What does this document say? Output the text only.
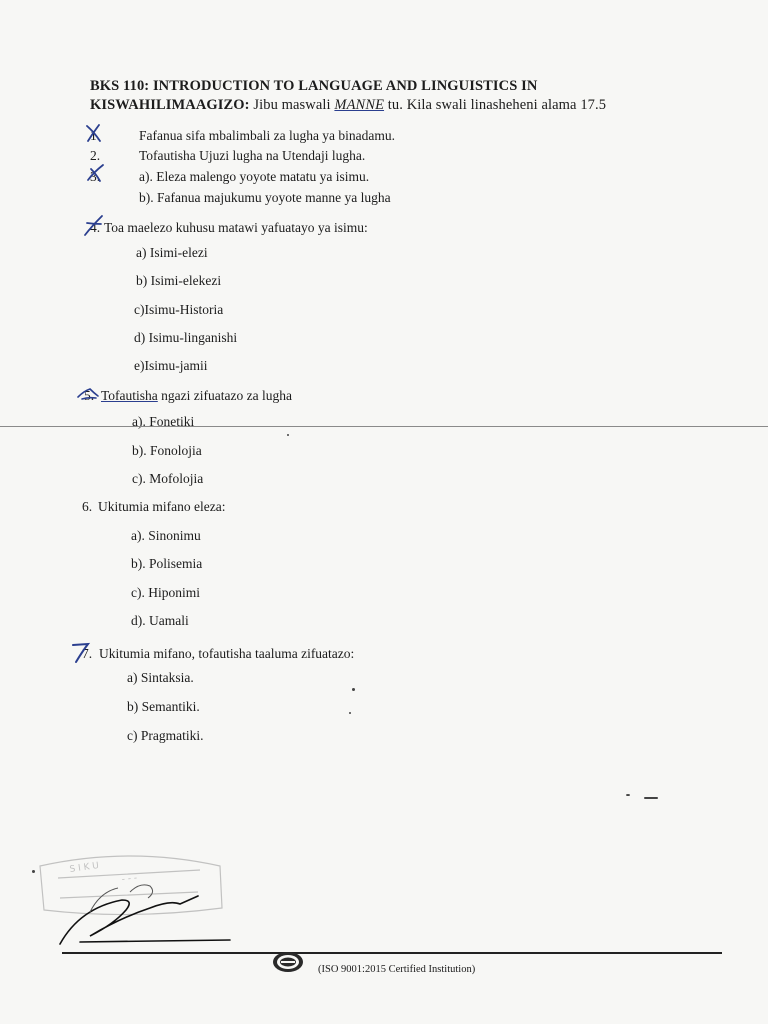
BKS 110: INTRODUCTION TO LANGUAGE AND LINGUISTICS IN
KISWAHILIMAAGIZO: Jibu maswali MANNE tu. Kila swali linasheheni alama 17.5
1.	Fafanua sifa mbalimbali za lugha ya binadamu.
2.	Tofautisha Ujuzi lugha na Utendaji lugha.
3.	a). Eleza malengo yoyote matatu ya isimu.
b). Fafanua majukumu yoyote manne ya lugha
4. Toa maelezo kuhusu matawi yafuatayo ya isimu:
a) Isimi-elezi
b) Isimi-elekezi
c)Isimu-Historia
d) Isimu-linganishi
e)Isimu-jamii
5. Tofautisha ngazi zifuatazo za lugha
a). Fonetiki
b). Fonolojia
c). Mofolojia
6. Ukitumia mifano eleza:
a). Sinonimu
b). Polisemia
c). Hiponimi
d). Uamali
7. Ukitumia mifano, tofautisha taaluma zifuatazo:
a) Sintaksia.
b) Semantiki.
c) Pragmatiki.
S I K U
- - -
(ISO 9001:2015 Certified Institution)
